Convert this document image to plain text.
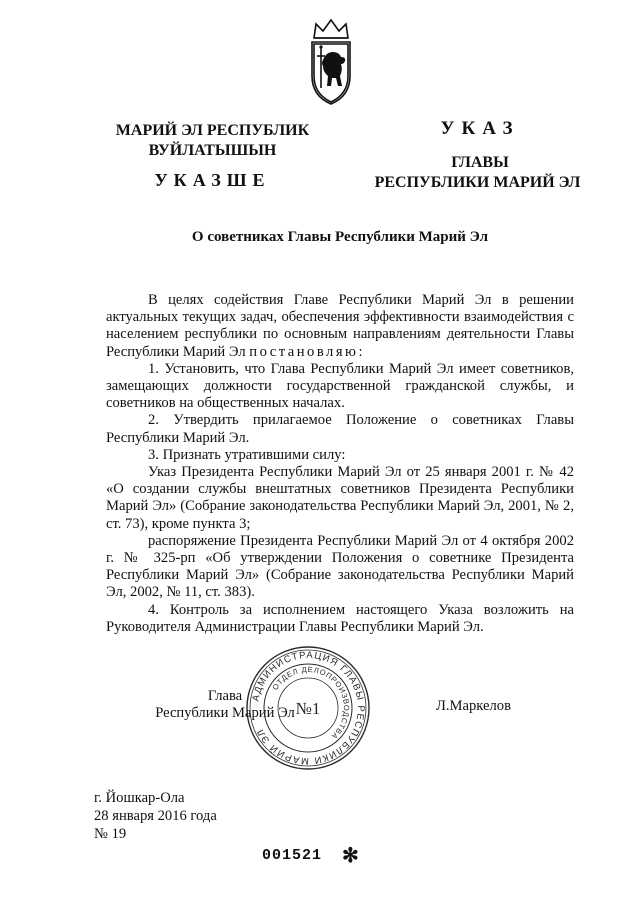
МАРИЙ ЭЛ РЕСПУБЛИК
ВУЙЛАТЫШЫН
УКАЗШЕ
УКАЗ
ГЛАВЫ
РЕСПУБЛИКИ МАРИЙ ЭЛ
О советниках Главы Республики Марий Эл

В целях содействия Главе Республики Марий Эл в решении актуальных текущих задач, обеспечения эффективности взаимодействия с населением республики по основным направлениям деятельности Главы Республики Марий Эл постановляю:

1. Установить, что Глава Республики Марий Эл имеет советников, замещающих должности государственной гражданской службы, и советников на общественных началах.

2. Утвердить прилагаемое Положение о советниках Главы Республики Марий Эл.

3. Признать утратившими силу:

Указ Президента Республики Марий Эл от 25 января 2001 г. № 42 «О создании службы внештатных советников Президента Республики Марий Эл» (Собрание законодательства Республики Марий Эл, 2001, № 2, ст. 73), кроме пункта 3;

распоряжение Президента Республики Марий Эл от 4 октября 2002 г. № 325-рп «Об утверждении Положения о советнике Президента Республики Марий Эл» (Собрание законодательства Республики Марий Эл, 2002, № 11, ст. 383).

4. Контроль за исполнением настоящего Указа возложить на Руководителя Администрации Главы Республики Марий Эл.

Глава
Республики Марий Эл	Л.Маркелов
АДМИНИСТРАЦИЯ ГЛАВЫ РЕСПУБЛИКИ МАРИЙ ЭЛ
ОТДЕЛ ДЕЛОПРОИЗВОДСТВА
№1
г. Йошкар-Ола
28 января 2016 года
№ 19
001521 ✻
